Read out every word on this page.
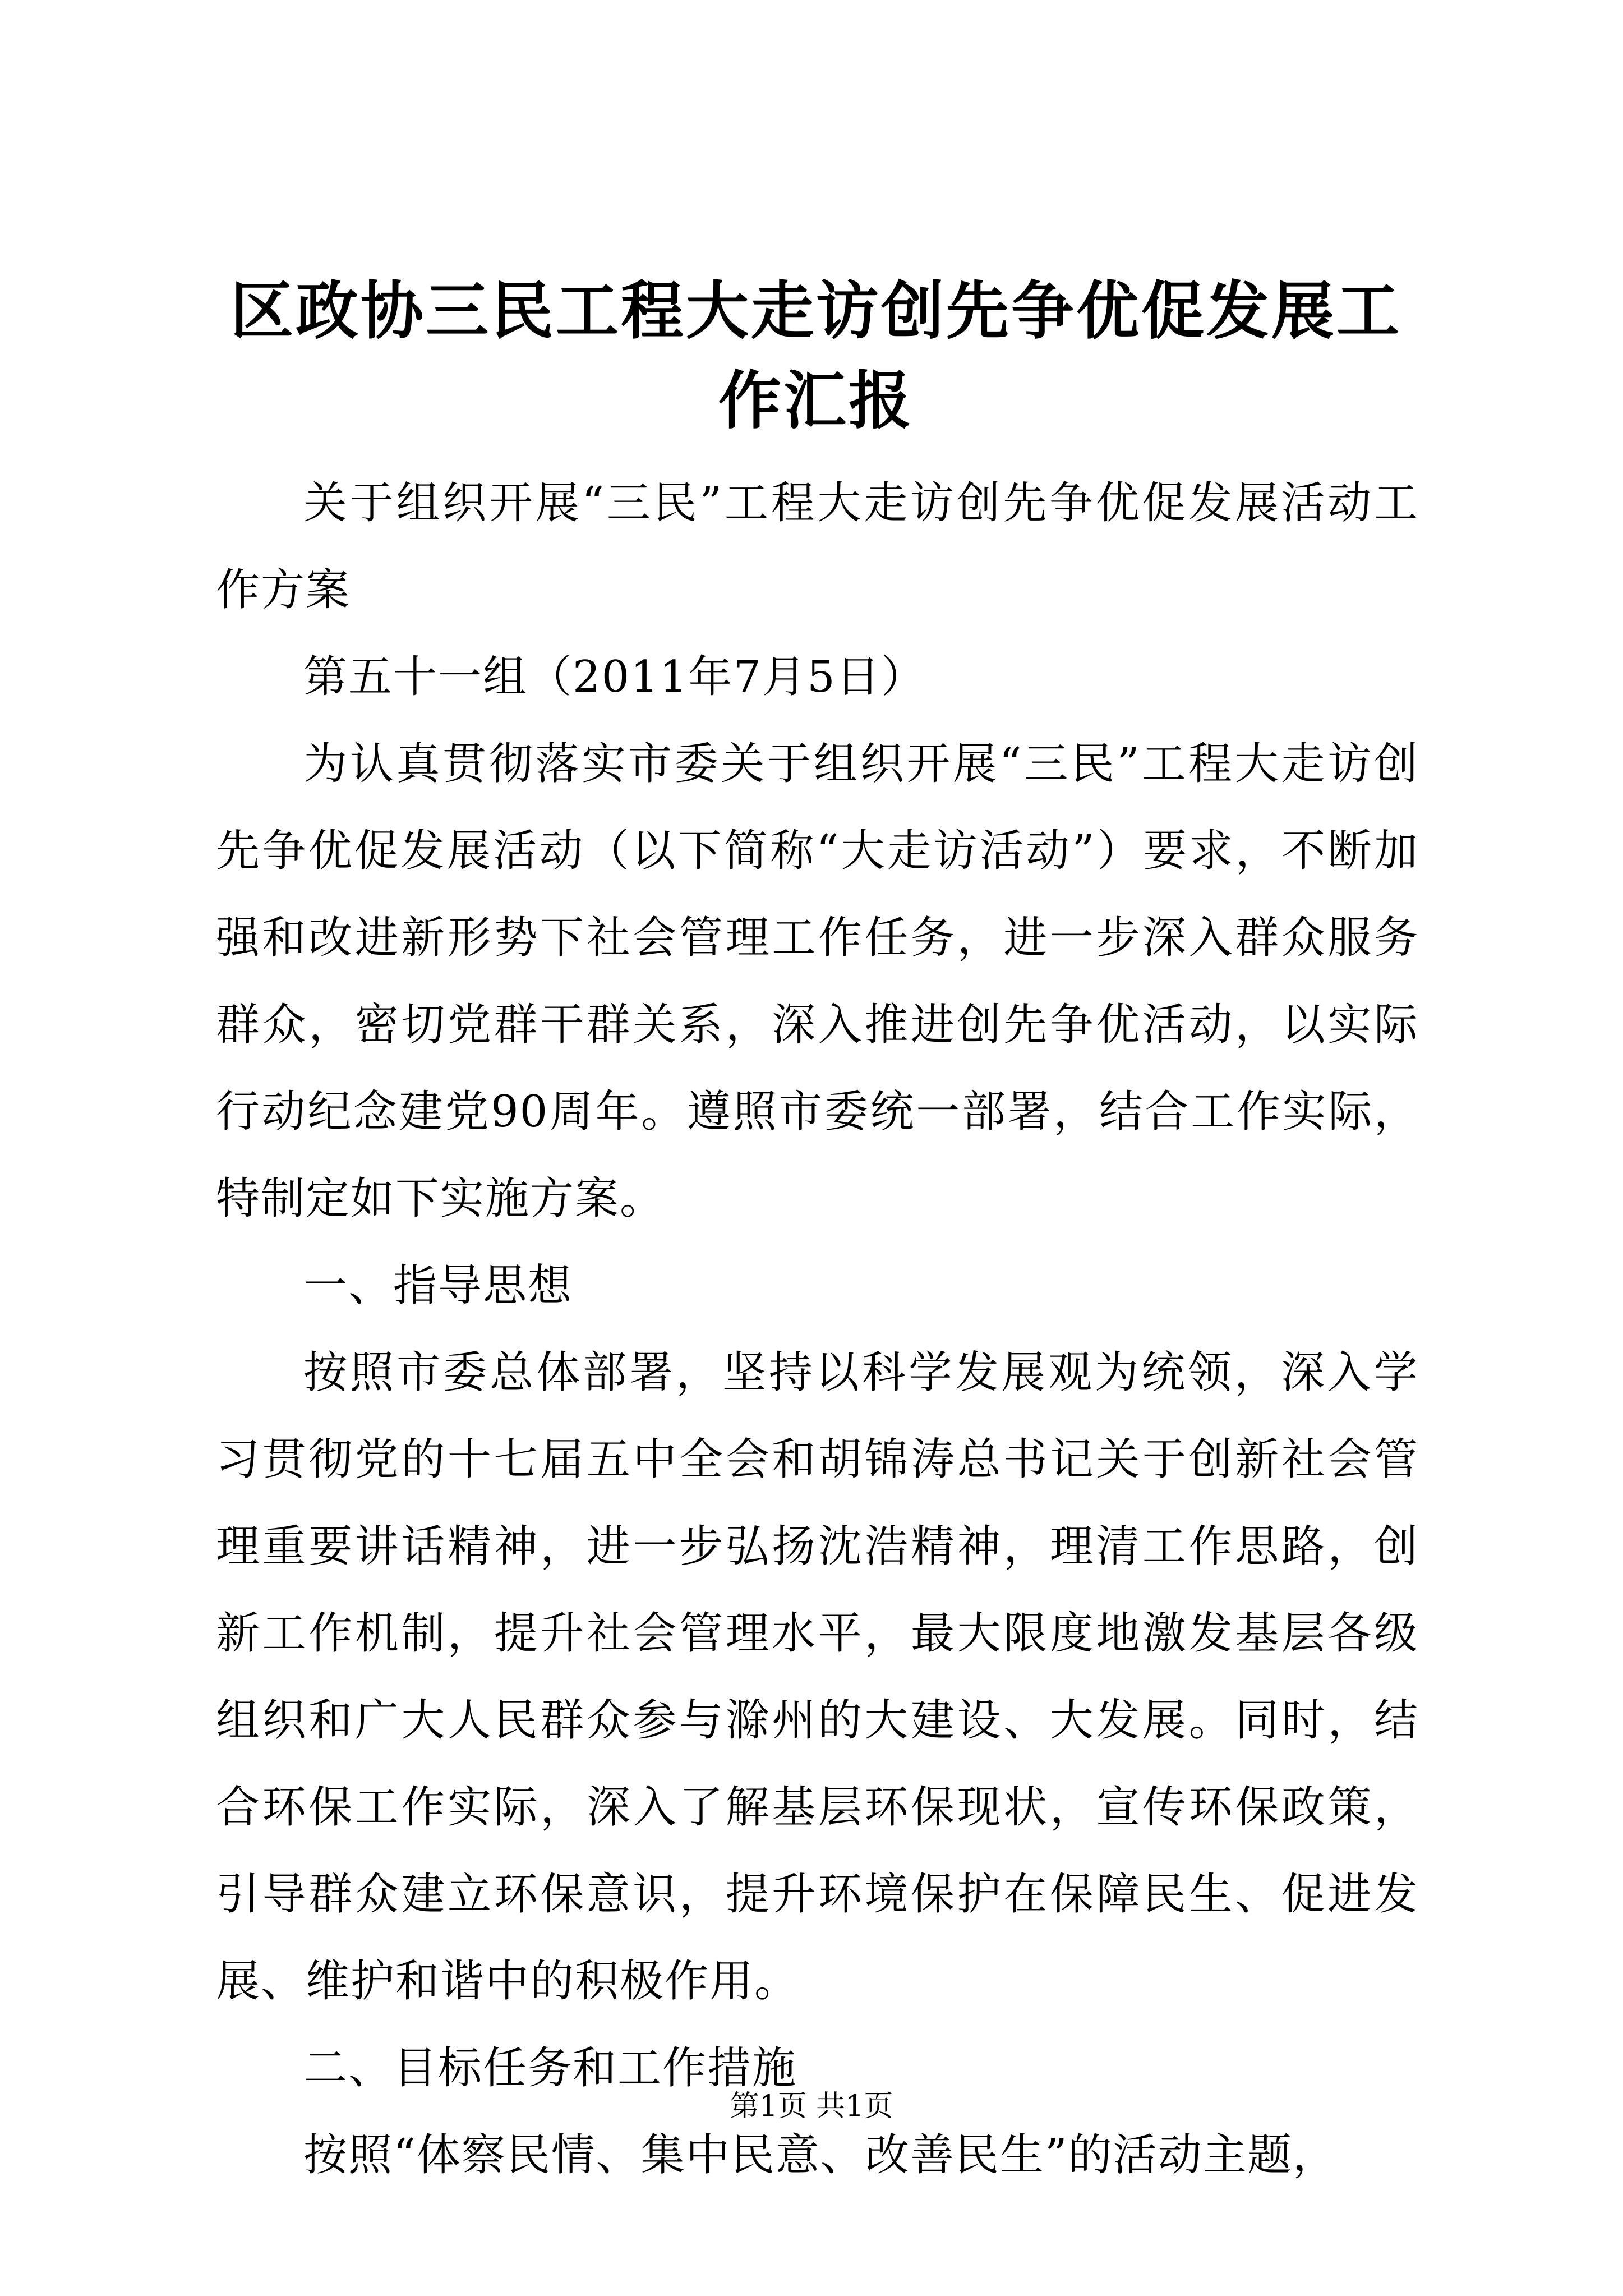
区政协三民工程大走访创先争优促发展工作汇报

关于组织开展“三民”工程大走访创先争优促发展活动工作方案

第五十一组（2011年7月5日）

为认真贯彻落实市委关于组织开展“三民”工程大走访创先争优促发展活动（以下简称“大走访活动”）要求，不断加强和改进新形势下社会管理工作任务，进一步深入群众服务群众，密切党群干群关系，深入推进创先争优活动，以实际行动纪念建党90周年。遵照市委统一部署，结合工作实际，特制定如下实施方案。

一、指导思想

按照市委总体部署，坚持以科学发展观为统领，深入学习贯彻党的十七届五中全会和胡锦涛总书记关于创新社会管理重要讲话精神，进一步弘扬沈浩精神，理清工作思路，创新工作机制，提升社会管理水平，最大限度地激发基层各级组织和广大人民群众参与滁州的大建设、大发展。同时，结合环保工作实际，深入了解基层环保现状，宣传环保政策，引导群众建立环保意识，提升环境保护在保障民生、促进发展、维护和谐中的积极作用。

二、目标任务和工作措施

按照“体察民情、集中民意、改善民生”的活动主题，

第1页 共1页
